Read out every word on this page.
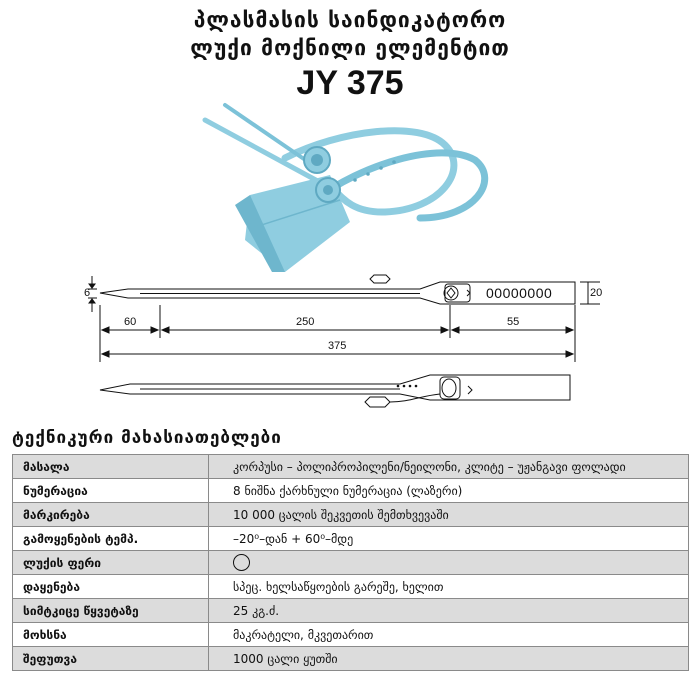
პლასმასის საინდიკატორო
ლუქი მოქნილი ელემენტით
JY 375
00000000
6	20
60	250	55
375
ტექნიკური მახასიათებლები
მასალა	კორპუსი – პოლიპროპილენი/ნეილონი, კლიტე – უჟანგავი ფოლადი
ნუმერაცია	8 ნიშნა ქარხნული ნუმერაცია (ლაზერი)
მარკირება	10 000 ცალის შეკვეთის შემთხვევაში
გამოყენების ტემპ.	–20⁰–დან + 60⁰–მდე
ლუქის ფერი	
დაყენება	სპეც. ხელსაწყოების გარეშე, ხელით
სიმტკიცე წყვეტაზე	25 კგ.ძ.
მოხსნა	მაკრატელი, მკვეთარით
შეფუთვა	1000 ცალი ყუთში
